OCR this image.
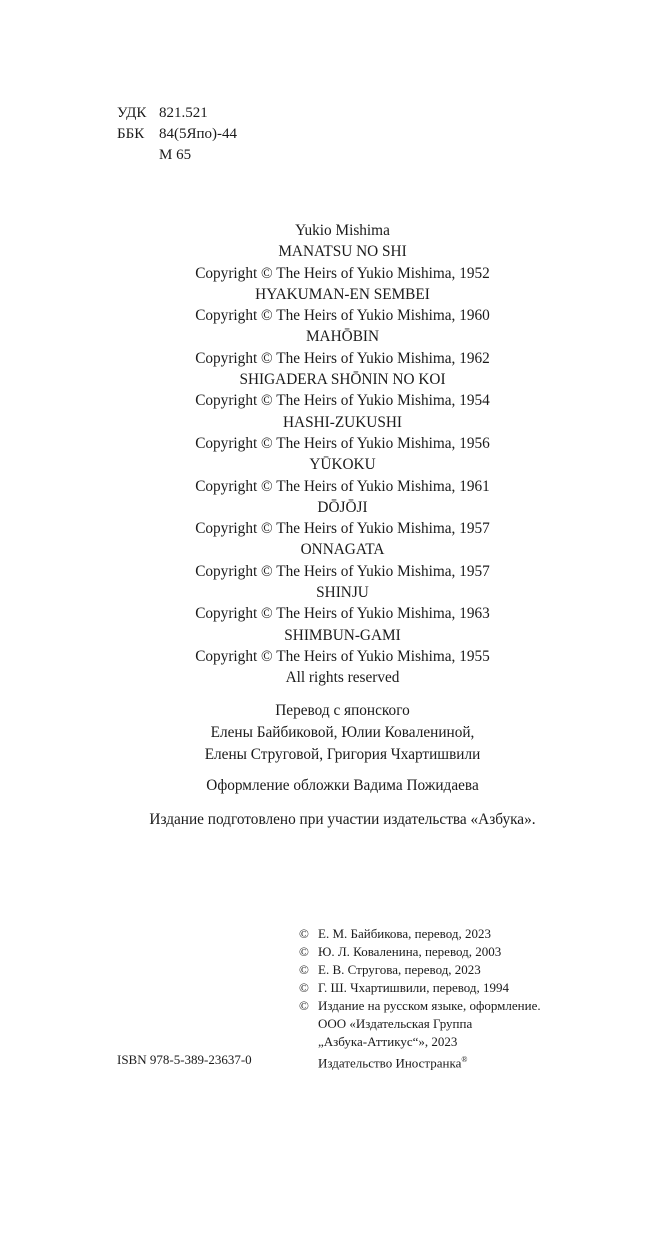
УДК 821.521
ББК 84(5Япо)-44
М 65
Yukio Mishima
MANATSU NO SHI
Copyright © The Heirs of Yukio Mishima, 1952
HYAKUMAN-EN SEMBEI
Copyright © The Heirs of Yukio Mishima, 1960
MAHŌBIN
Copyright © The Heirs of Yukio Mishima, 1962
SHIGADERA SHŌNIN NO KOI
Copyright © The Heirs of Yukio Mishima, 1954
HASHI-ZUKUSHI
Copyright © The Heirs of Yukio Mishima, 1956
YŪKOKU
Copyright © The Heirs of Yukio Mishima, 1961
DŌJŌJI
Copyright © The Heirs of Yukio Mishima, 1957
ONNAGATA
Copyright © The Heirs of Yukio Mishima, 1957
SHINJU
Copyright © The Heirs of Yukio Mishima, 1963
SHIMBUN-GAMI
Copyright © The Heirs of Yukio Mishima, 1955
All rights reserved
Перевод с японского
Елены Байбиковой, Юлии Ковалениной,
Елены Струговой, Григория Чхартишвили
Оформление обложки Вадима Пожидаева
Издание подготовлено при участии издательства «Азбука».
© Е. М. Байбикова, перевод, 2023
© Ю. Л. Коваленина, перевод, 2003
© Е. В. Стругова, перевод, 2023
© Г. Ш. Чхартишвили, перевод, 1994
© Издание на русском языке, оформление.
ООО «Издательская Группа
„Азбука-Аттикус“», 2023
Издательство Иностранка®
ISBN 978-5-389-23637-0
